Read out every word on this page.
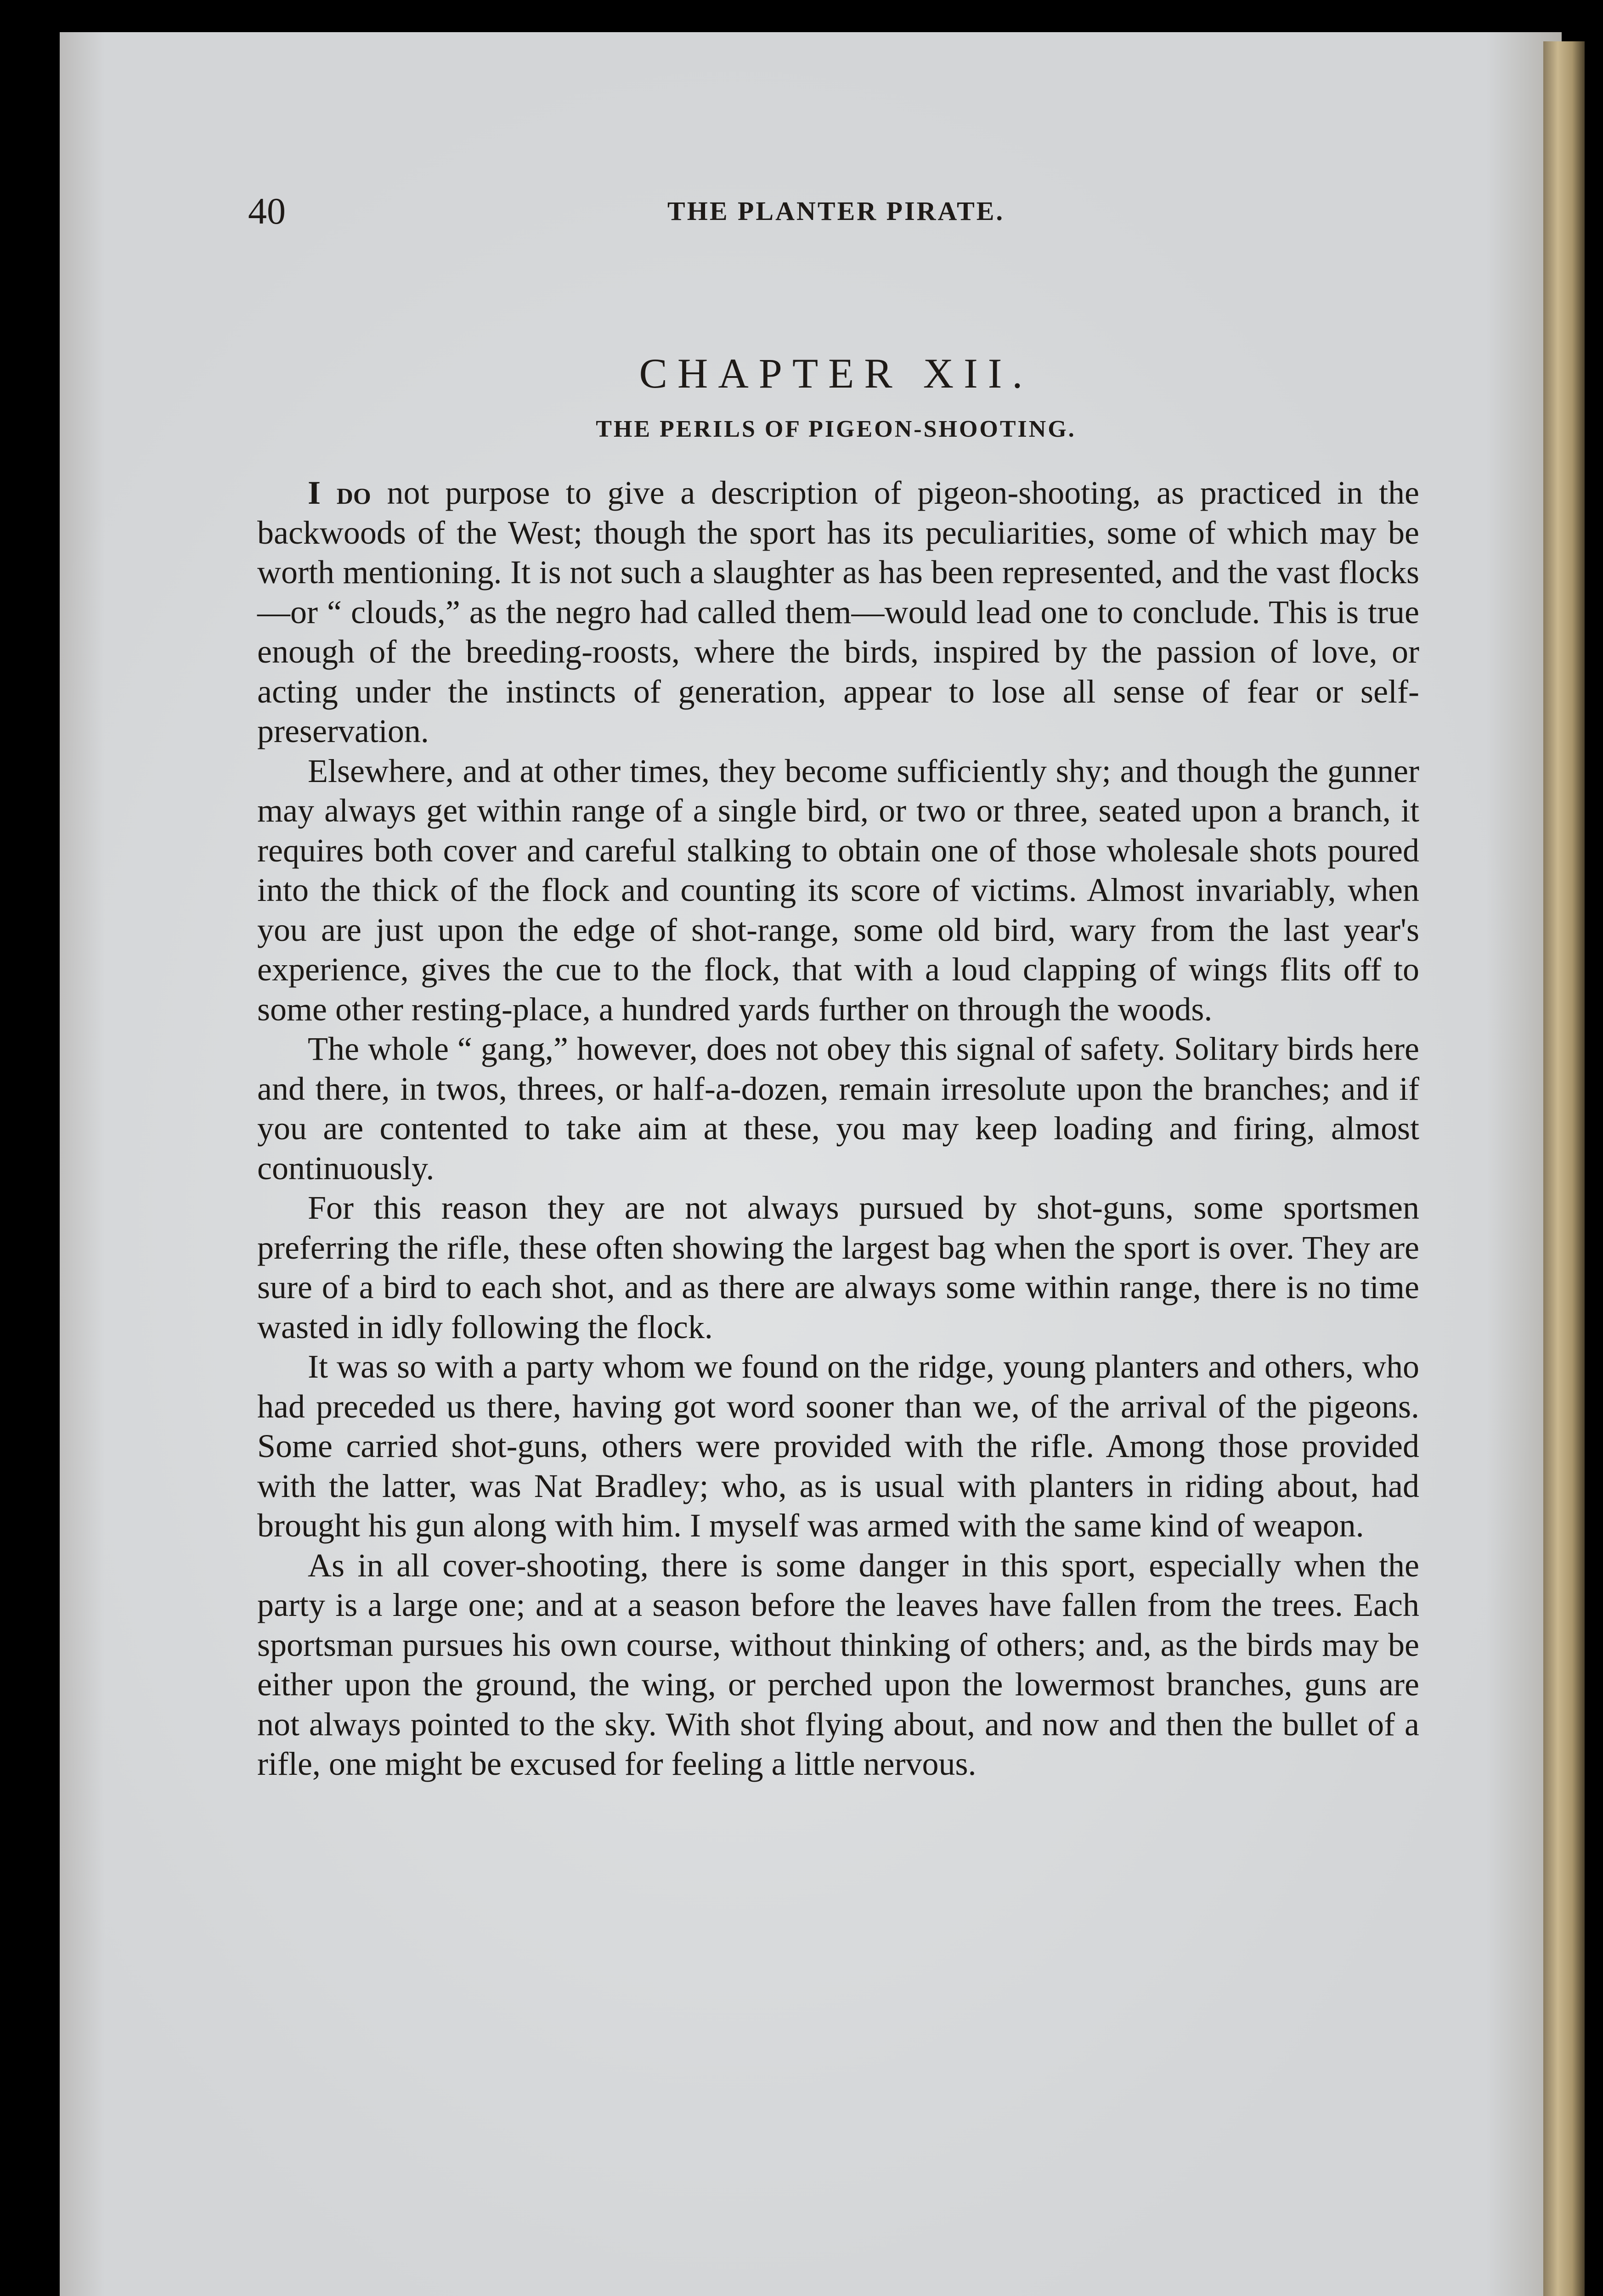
40	THE PLANTER PIRATE.
CHAPTER XII.
THE PERILS OF PIGEON-SHOOTING.

I do not purpose to give a description of pigeon-shooting, as practiced in the backwoods of the West; though the sport has its peculiarities, some of which may be worth mentioning. It is not such a slaughter as has been represented, and the vast flocks—or “ clouds,” as the negro had called them—would lead one to conclude. This is true enough of the breeding-roosts, where the birds, inspired by the passion of love, or acting under the instincts of generation, appear to lose all sense of fear or self-preservation.

Elsewhere, and at other times, they become sufficiently shy; and though the gunner may always get within range of a single bird, or two or three, seated upon a branch, it requires both cover and careful stalking to obtain one of those wholesale shots poured into the thick of the flock and counting its score of victims. Almost invariably, when you are just upon the edge of shot-range, some old bird, wary from the last year's experience, gives the cue to the flock, that with a loud clapping of wings flits off to some other resting-place, a hundred yards further on through the woods.

The whole “ gang,” however, does not obey this signal of safety. Solitary birds here and there, in twos, threes, or half-a-dozen, remain irresolute upon the branches; and if you are contented to take aim at these, you may keep loading and firing, almost continuously.

For this reason they are not always pursued by shot-guns, some sportsmen preferring the rifle, these often showing the largest bag when the sport is over. They are sure of a bird to each shot, and as there are always some within range, there is no time wasted in idly following the flock.

It was so with a party whom we found on the ridge, young planters and others, who had preceded us there, having got word sooner than we, of the arrival of the pigeons. Some carried shot-guns, others were provided with the rifle. Among those provided with the latter, was Nat Bradley; who, as is usual with planters in riding about, had brought his gun along with him. I myself was armed with the same kind of weapon.

As in all cover-shooting, there is some danger in this sport, especially when the party is a large one; and at a season before the leaves have fallen from the trees. Each sportsman pursues his own course, without thinking of others; and, as the birds may be either upon the ground, the wing, or perched upon the lowermost branches, guns are not always pointed to the sky. With shot flying about, and now and then the bullet of a rifle, one might be excused for feeling a little nervous.
